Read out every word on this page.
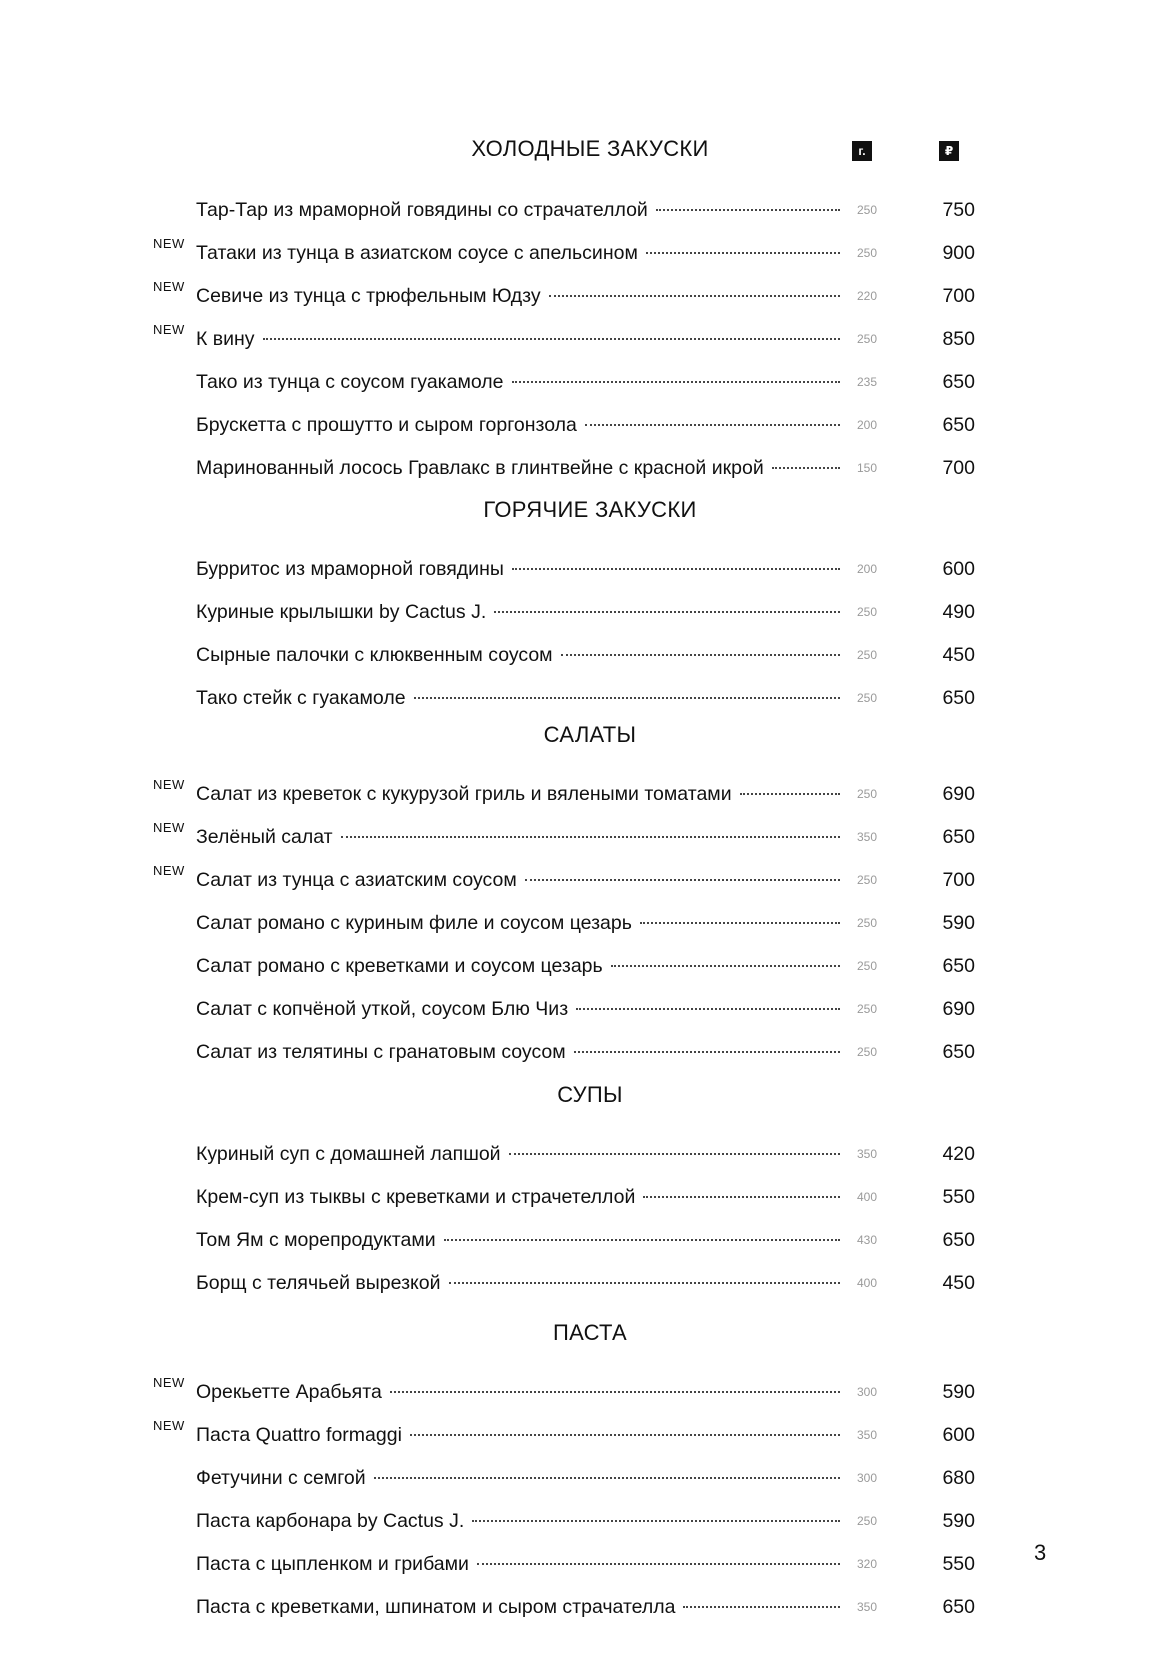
г.	₽
3
ХОЛОДНЫЕ ЗАКУСКИ
Тар-Тар из мраморной говядины со страчателлой	250	750
NEW Татаки из тунца в азиатском соусе с апельсином	250	900
NEW Севиче из тунца с трюфельным Юдзу	220	700
NEW К вину	250	850
Тако из тунца с соусом гуакамоле	235	650
Брускетта с прошутто и сыром горгонзола	200	650
Маринованный лосось Гравлакс в глинтвейне с красной икрой	150	700
ГОРЯЧИЕ ЗАКУСКИ
Бурритос из мраморной говядины	200	600
Куриные крылышки by Cactus J.	250	490
Сырные палочки с клюквенным соусом	250	450
Тако стейк с гуакамоле	250	650
САЛАТЫ
NEW Салат из креветок с кукурузой гриль и вялеными томатами	250	690
NEW Зелёный салат	350	650
NEW Салат из тунца с азиатским соусом	250	700
Салат романо с куриным филе и соусом цезарь	250	590
Салат романо с креветками и соусом цезарь	250	650
Салат с копчёной уткой, соусом Блю Чиз	250	690
Салат из телятины с гранатовым соусом	250	650
СУПЫ
Куриный суп с домашней лапшой	350	420
Крем-суп из тыквы с креветками и страчетеллой	400	550
Том Ям с морепродуктами	430	650
Борщ с телячьей вырезкой	400	450
ПАСТА
NEW Орекьетте Арабьята	300	590
NEW Паста Quattro formaggi	350	600
Фетучини с семгой	300	680
Паста карбонара by Cactus J.	250	590
Паста с цыпленком и грибами	320	550
Паста с креветками, шпинатом и сыром страчателла	350	650
